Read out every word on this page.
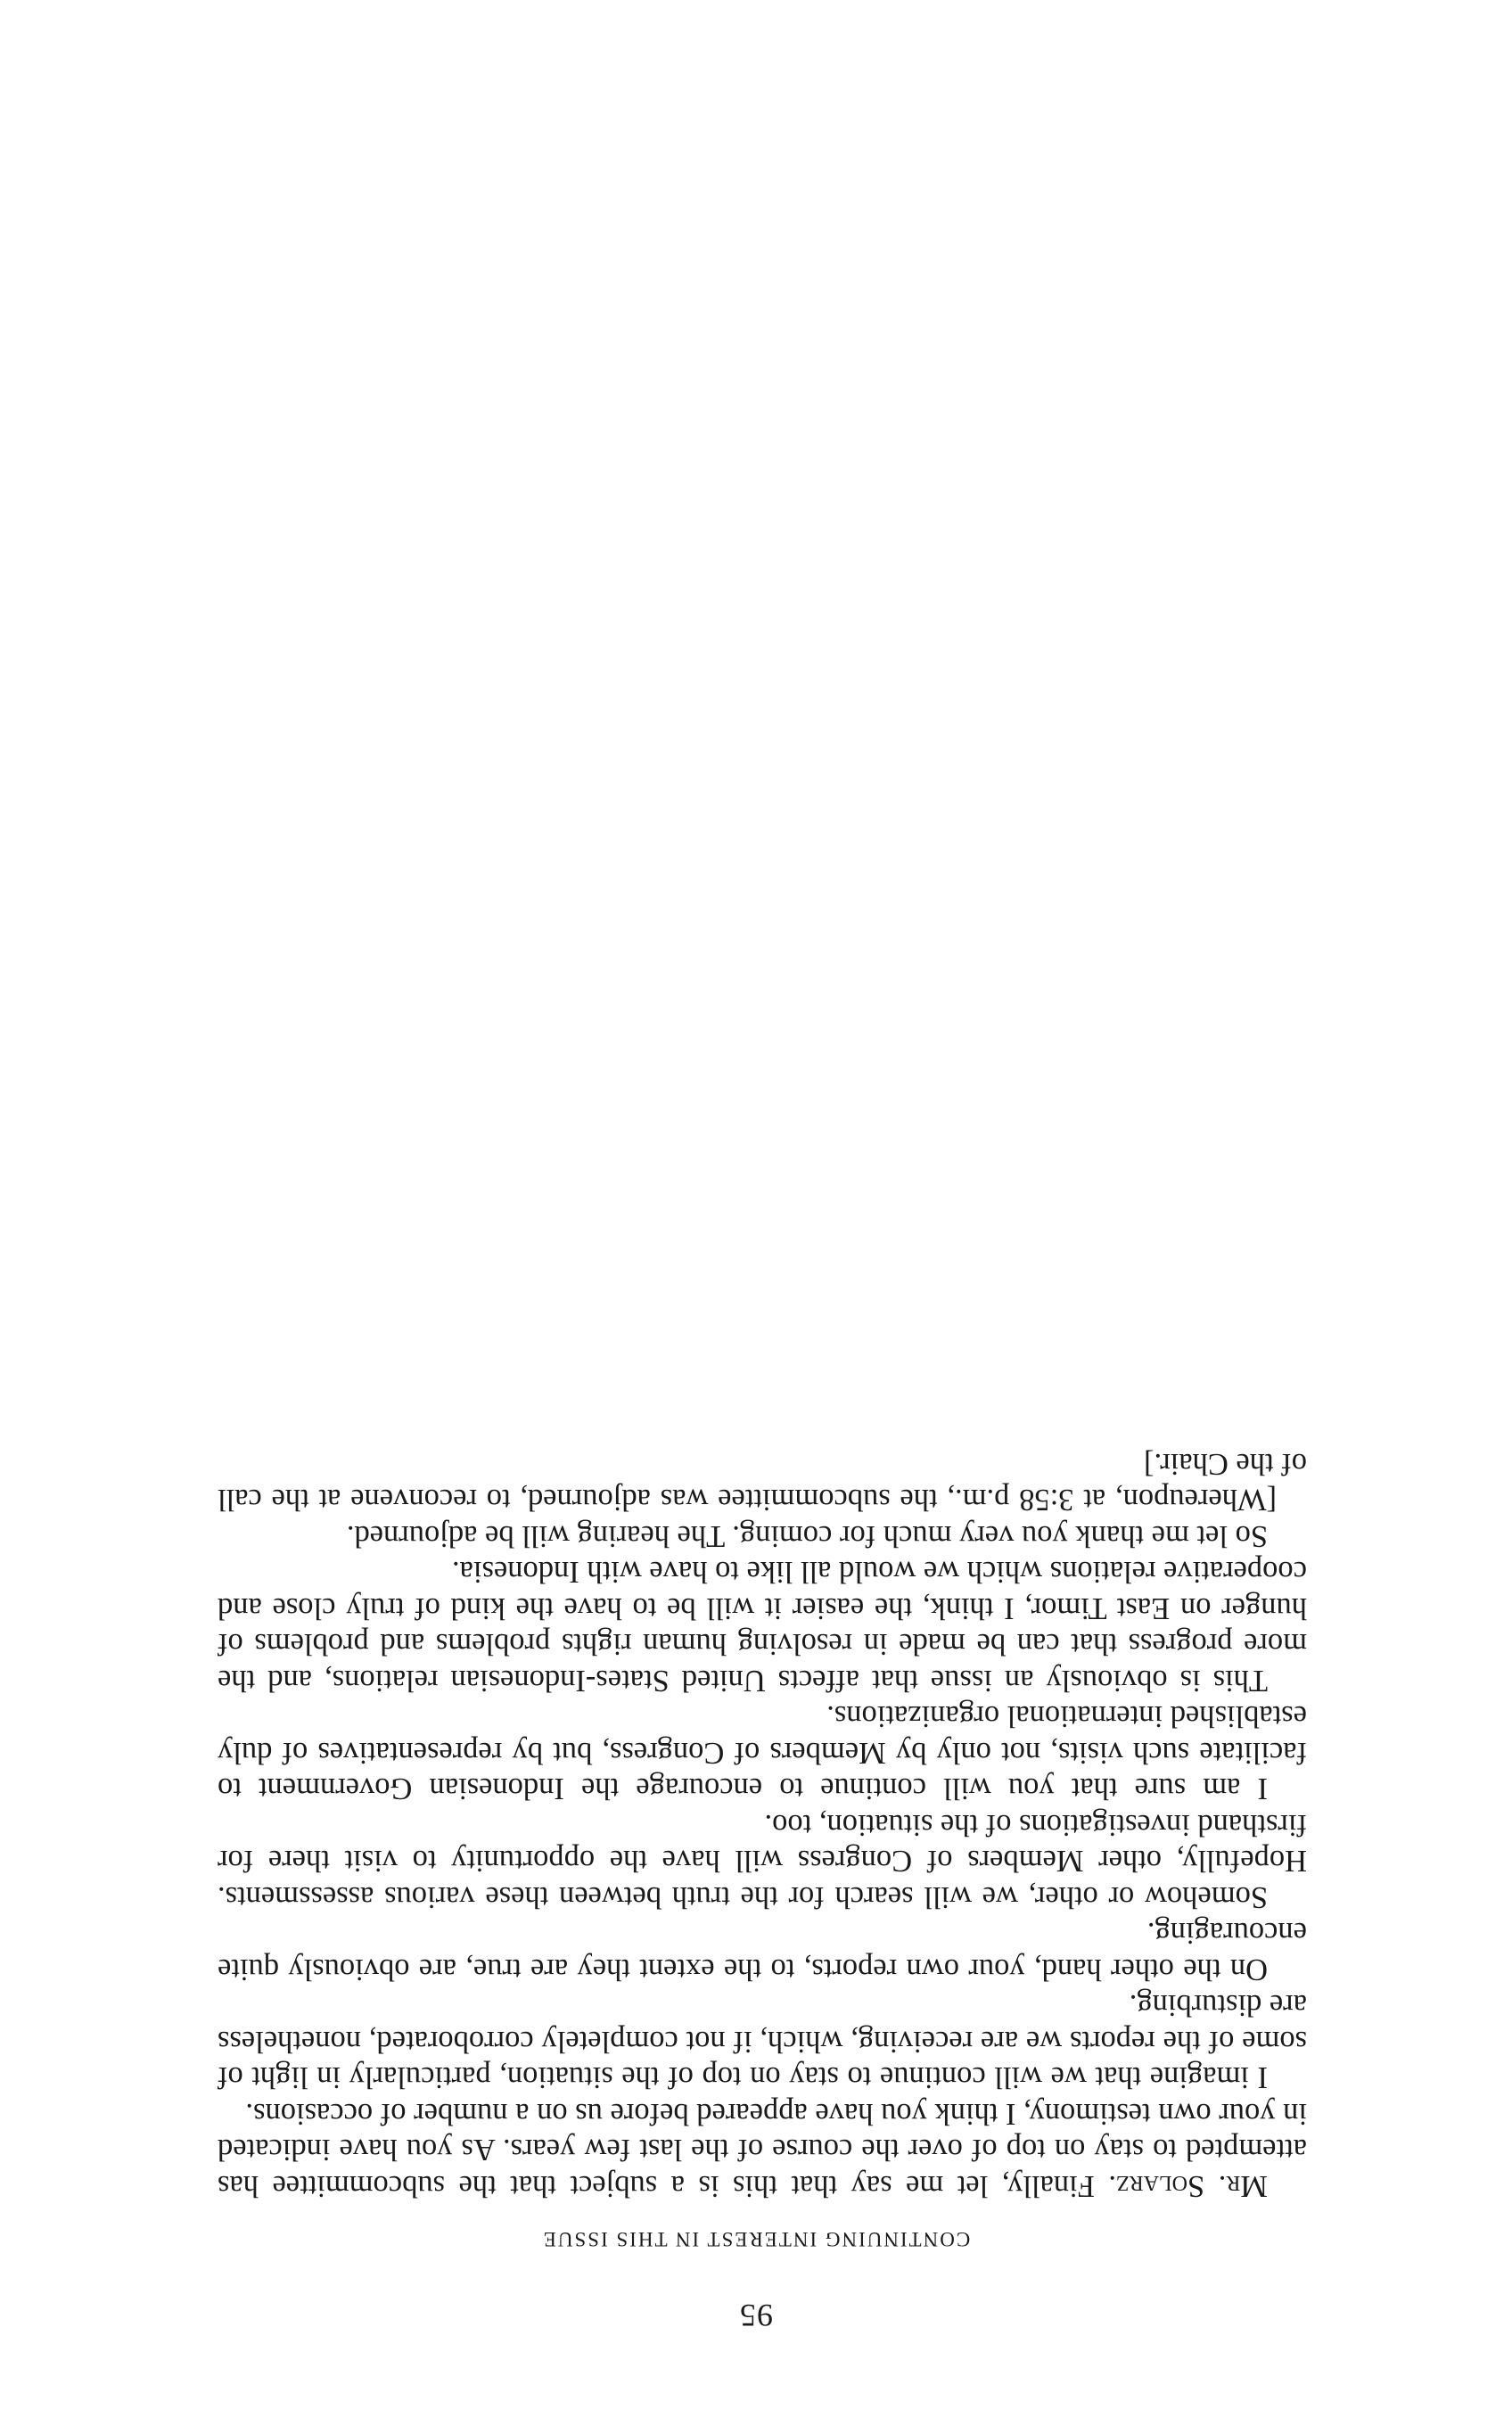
95
CONTINUING INTEREST IN THIS ISSUE

Mr. Solarz. Finally, let me say that this is a subject that the subcommittee has attempted to stay on top of over the course of the last few years. As you have indicated in your own testimony, I think you have appeared before us on a number of occasions.

I imagine that we will continue to stay on top of the situation, particularly in light of some of the reports we are receiving, which, if not completely corroborated, nonetheless are disturbing.

On the other hand, your own reports, to the extent they are true, are obviously quite encouraging.

Somehow or other, we will search for the truth between these various assessments. Hopefully, other Members of Congress will have the opportunity to visit there for firsthand investigations of the situation, too.

I am sure that you will continue to encourage the Indonesian Government to facilitate such visits, not only by Members of Congress, but by representatives of duly established international organizations.

This is obviously an issue that affects United States-Indonesian relations, and the more progress that can be made in resolving human rights problems and problems of hunger on East Timor, I think, the easier it will be to have the kind of truly close and cooperative relations which we would all like to have with Indonesia.

So let me thank you very much for coming. The hearing will be adjourned.

[Whereupon, at 3:58 p.m., the subcommittee was adjourned, to reconvene at the call of the Chair.]
